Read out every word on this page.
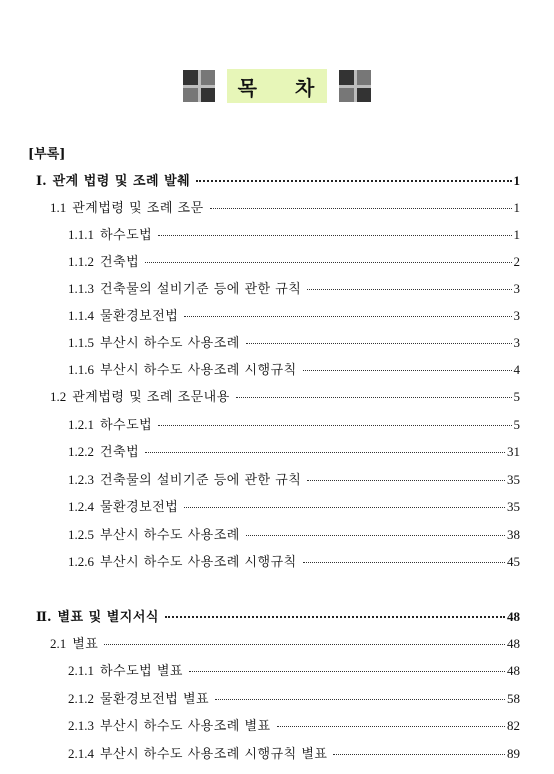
목 차
[부록]
Ⅰ. 관계 법령 및 조례 발췌	1
1.1 관계법령 및 조례 조문	1
1.1.1 하수도법	1
1.1.2 건축법	2
1.1.3 건축물의 설비기준 등에 관한 규칙	3
1.1.4 물환경보전법	3
1.1.5 부산시 하수도 사용조례	3
1.1.6 부산시 하수도 사용조례 시행규칙	4
1.2 관계법령 및 조례 조문내용	5
1.2.1 하수도법	5
1.2.2 건축법	31
1.2.3 건축물의 설비기준 등에 관한 규칙	35
1.2.4 물환경보전법	35
1.2.5 부산시 하수도 사용조례	38
1.2.6 부산시 하수도 사용조례 시행규칙	45
Ⅱ. 별표 및 별지서식	48
2.1 별표	48
2.1.1 하수도법 별표	48
2.1.2 물환경보전법 별표	58
2.1.3 부산시 하수도 사용조례 별표	82
2.1.4 부산시 하수도 사용조례 시행규칙 별표	89
